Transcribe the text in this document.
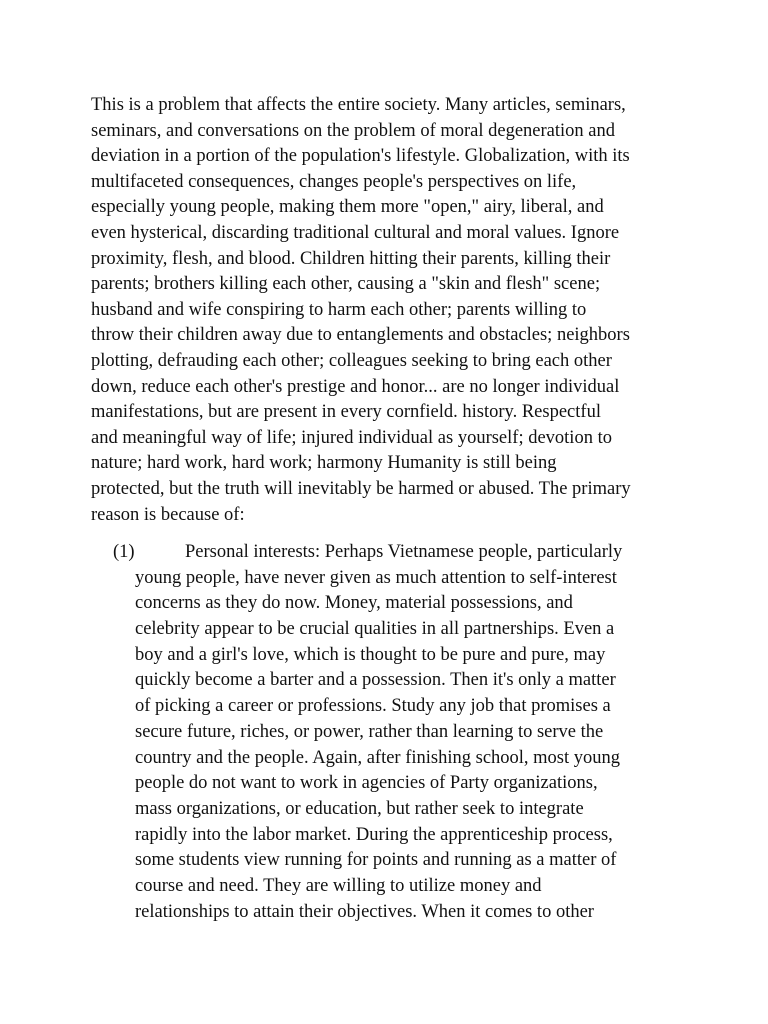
This is a problem that affects the entire society. Many articles, seminars,
seminars, and conversations on the problem of moral degeneration and
deviation in a portion of the population's lifestyle. Globalization, with its
multifaceted consequences, changes people's perspectives on life,
especially young people, making them more "open," airy, liberal, and
even hysterical, discarding traditional cultural and moral values. Ignore
proximity, flesh, and blood. Children hitting their parents, killing their
parents; brothers killing each other, causing a "skin and flesh" scene;
husband and wife conspiring to harm each other; parents willing to
throw their children away due to entanglements and obstacles; neighbors
plotting, defrauding each other; colleagues seeking to bring each other
down, reduce each other's prestige and honor... are no longer individual
manifestations, but are present in every cornfield. history. Respectful
and meaningful way of life; injured individual as yourself; devotion to
nature; hard work, hard work; harmony Humanity is still being
protected, but the truth will inevitably be harmed or abused. The primary
reason is because of:
(1)	Personal interests: Perhaps Vietnamese people, particularly
young people, have never given as much attention to self-interest
concerns as they do now. Money, material possessions, and
celebrity appear to be crucial qualities in all partnerships. Even a
boy and a girl's love, which is thought to be pure and pure, may
quickly become a barter and a possession. Then it's only a matter
of picking a career or professions. Study any job that promises a
secure future, riches, or power, rather than learning to serve the
country and the people. Again, after finishing school, most young
people do not want to work in agencies of Party organizations,
mass organizations, or education, but rather seek to integrate
rapidly into the labor market. During the apprenticeship process,
some students view running for points and running as a matter of
course and need. They are willing to utilize money and
relationships to attain their objectives. When it comes to other
